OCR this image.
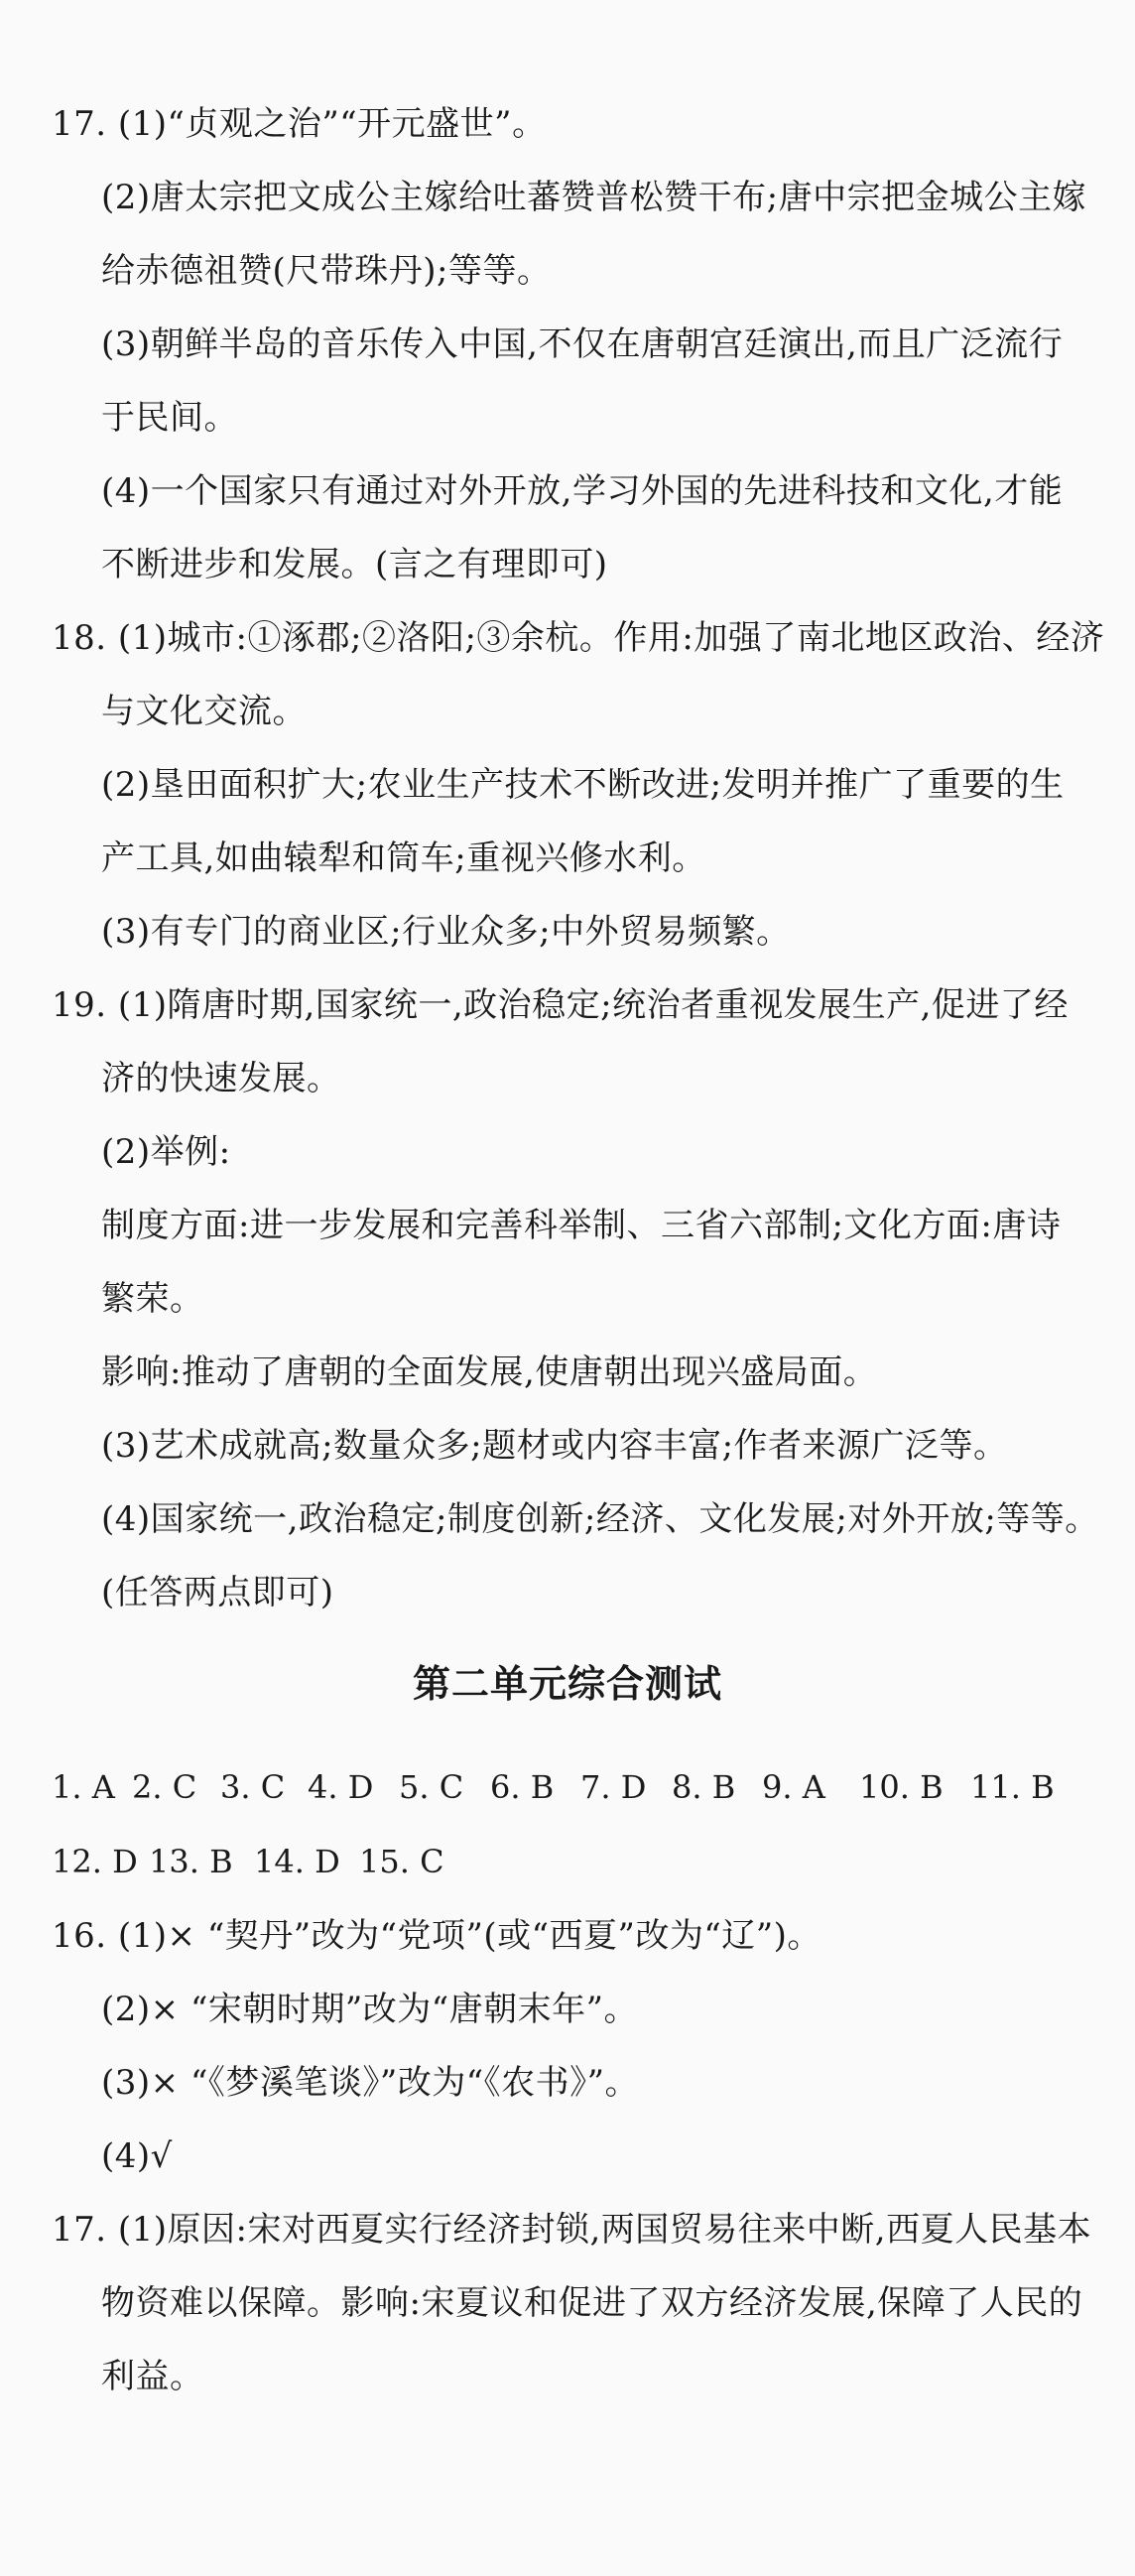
17. (1)“贞观之治”“开元盛世”。
(2)唐太宗把文成公主嫁给吐蕃赞普松赞干布;唐中宗把金城公主嫁
给赤德祖赞(尺带珠丹);等等。
(3)朝鲜半岛的音乐传入中国,不仅在唐朝宫廷演出,而且广泛流行
于民间。
(4)一个国家只有通过对外开放,学习外国的先进科技和文化,才能
不断进步和发展。(言之有理即可)
18. (1)城市:①涿郡;②洛阳;③余杭。作用:加强了南北地区政治、经济
与文化交流。
(2)垦田面积扩大;农业生产技术不断改进;发明并推广了重要的生
产工具,如曲辕犁和筒车;重视兴修水利。
(3)有专门的商业区;行业众多;中外贸易频繁。
19. (1)隋唐时期,国家统一,政治稳定;统治者重视发展生产,促进了经
济的快速发展。
(2)举例:
制度方面:进一步发展和完善科举制、三省六部制;文化方面:唐诗
繁荣。
影响:推动了唐朝的全面发展,使唐朝出现兴盛局面。
(3)艺术成就高;数量众多;题材或内容丰富;作者来源广泛等。
(4)国家统一,政治稳定;制度创新;经济、文化发展;对外开放;等等。
(任答两点即可)
第二单元综合测试
1. A 2. C 3. C 4. D 5. C 6. B 7. D 8. B 9. A 10. B 11. B
12. D 13. B 14. D 15. C
16. (1)× “契丹”改为“党项”(或“西夏”改为“辽”)。
(2)× “宋朝时期”改为“唐朝末年”。
(3)× “《梦溪笔谈》”改为“《农书》”。
(4)√
17. (1)原因:宋对西夏实行经济封锁,两国贸易往来中断,西夏人民基本
物资难以保障。影响:宋夏议和促进了双方经济发展,保障了人民的
利益。
